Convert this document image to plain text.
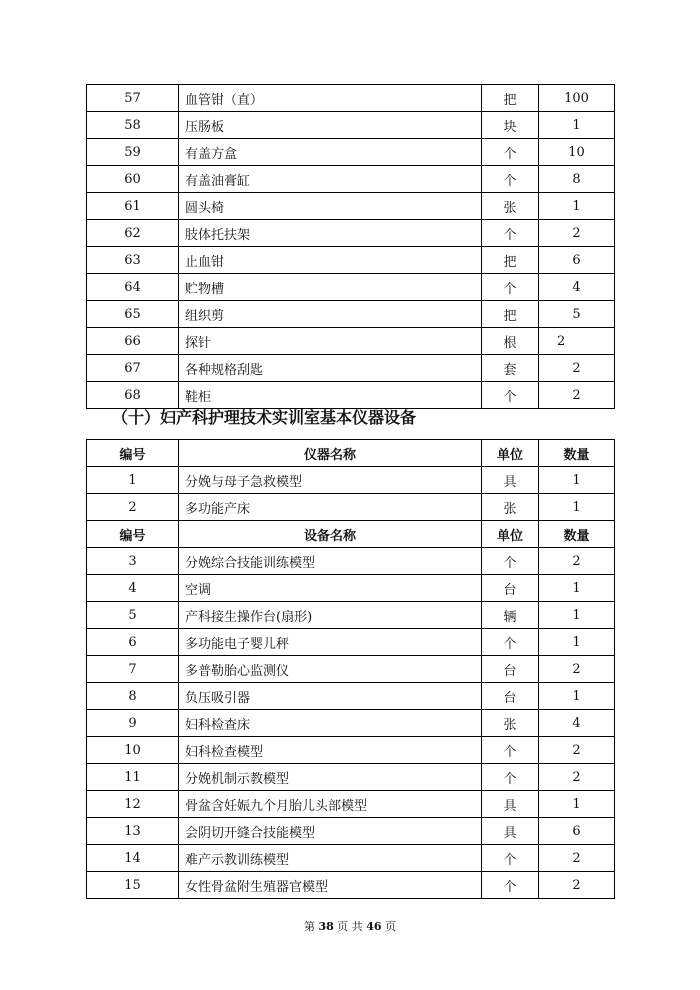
57	血管钳（直）	把	100
58	压肠板	块	1
59	有盖方盒	个	10
60	有盖油膏缸	个	8
61	圆头椅	张	1
62	肢体托扶架	个	2
63	止血钳	把	6
64	贮物槽	个	4
65	组织剪	把	5
66	探针	根	2
67	各种规格刮匙	套	2
68	鞋柜	个	2
（十）妇产科护理技术实训室基本仪器设备
编号	仪器名称	单位	数量
1	分娩与母子急救模型	具	1
2	多功能产床	张	1
编号	设备名称	单位	数量
3	分娩综合技能训练模型	个	2
4	空调	台	1
5	产科接生操作台(扇形)	辆	1
6	多功能电子婴儿秤	个	1
7	多普勒胎心监测仪	台	2
8	负压吸引器	台	1
9	妇科检查床	张	4
10	妇科检查模型	个	2
11	分娩机制示教模型	个	2
12	骨盆含妊娠九个月胎儿头部模型	具	1
13	会阴切开缝合技能模型	具	6
14	难产示教训练模型	个	2
15	女性骨盆附生殖器官模型	个	2
第 38 页 共 46 页
